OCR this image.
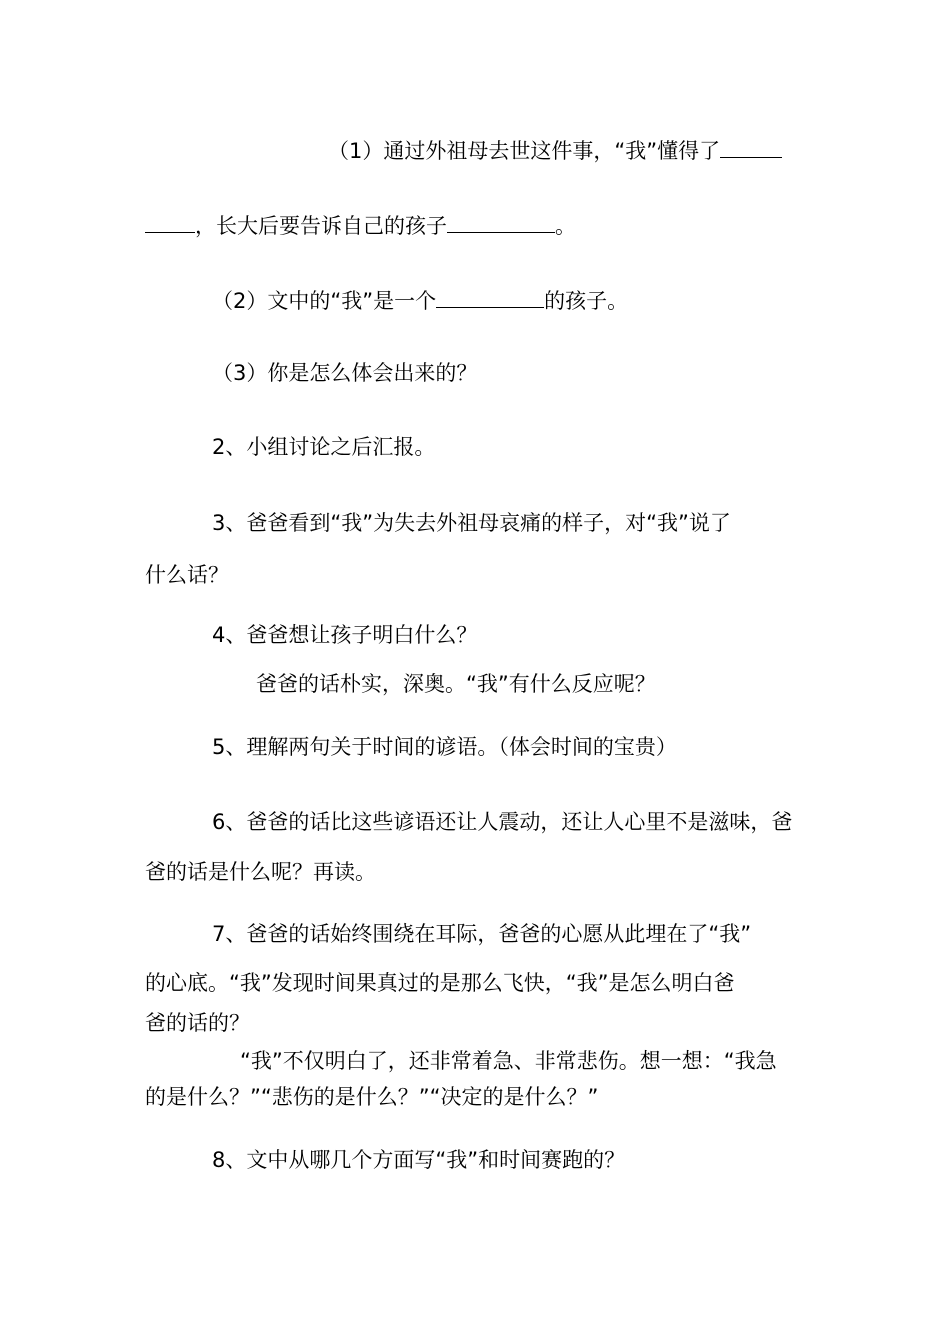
（1）通过外祖母去世这件事，“我”懂得了
，长大后要告诉自己的孩子	。
（2）文中的“我”是一个	的孩子。
（3）你是怎么体会出来的？
2、小组讨论之后汇报。
3、爸爸看到“我”为失去外祖母哀痛的样子，对“我”说了
什么话？
4、爸爸想让孩子明白什么？
爸爸的话朴实，深奥。“我”有什么反应呢？
5、理解两句关于时间的谚语。（体会时间的宝贵）
6、爸爸的话比这些谚语还让人震动，还让人心里不是滋味，爸
爸的话是什么呢？再读。
7、爸爸的话始终围绕在耳际，爸爸的心愿从此埋在了“我”
的心底。“我”发现时间果真过的是那么飞快，“我”是怎么明白爸
爸的话的？
“我”不仅明白了，还非常着急、非常悲伤。想一想：“我急
的是什么？”“悲伤的是什么？”“决定的是什么？”
8、文中从哪几个方面写“我”和时间赛跑的？
